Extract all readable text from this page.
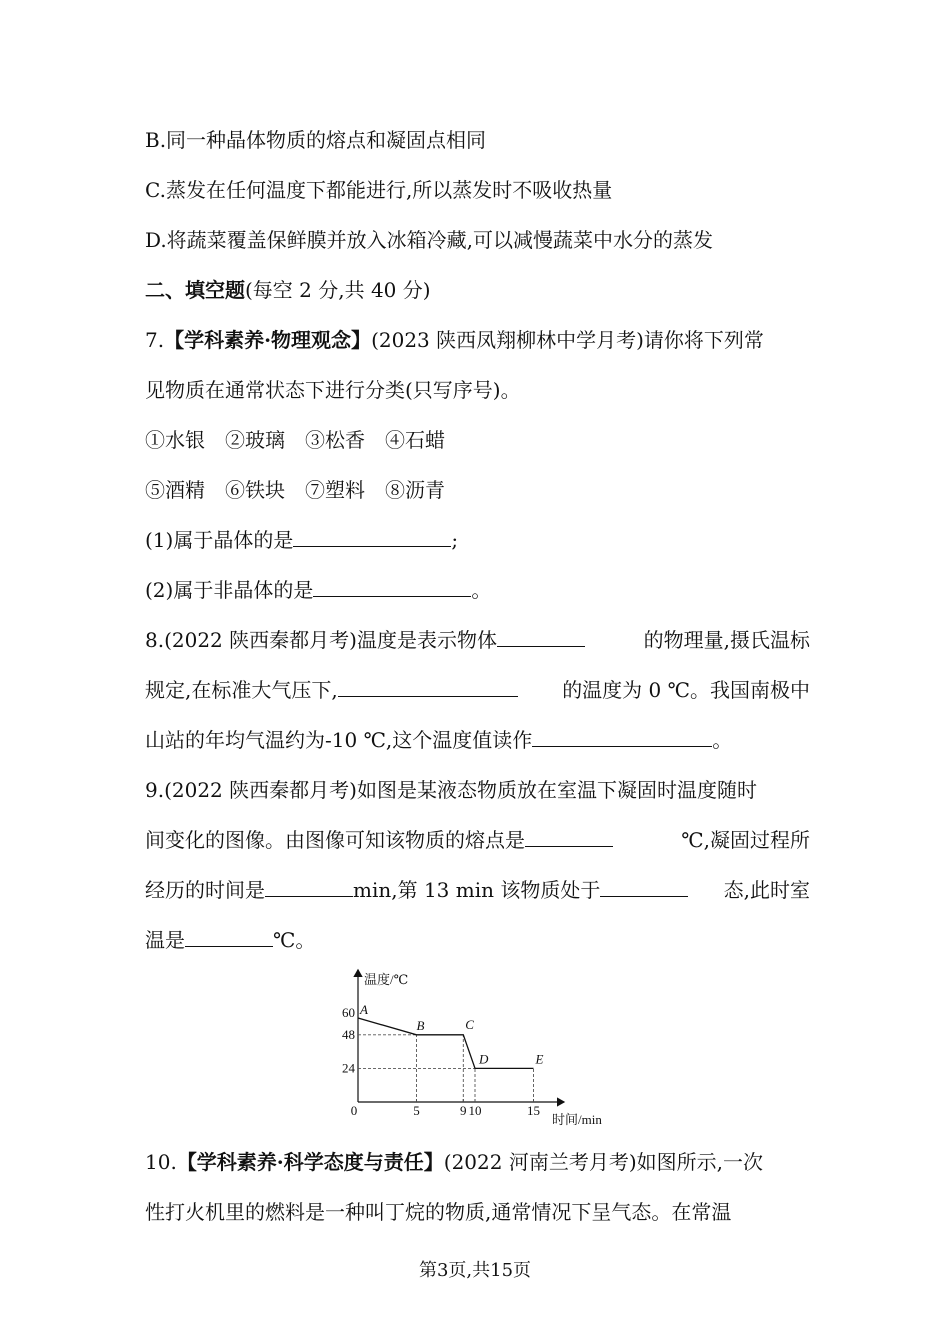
B.同一种晶体物质的熔点和凝固点相同
C.蒸发在任何温度下都能进行,所以蒸发时不吸收热量
D.将蔬菜覆盖保鲜膜并放入冰箱冷藏,可以减慢蔬菜中水分的蒸发
二、填空题(每空 2 分,共 40 分)
7.【学科素养·物理观念】(2023 陕西凤翔柳林中学月考)请你将下列常
见物质在通常状态下进行分类(只写序号)。
①水银 ②玻璃 ③松香 ④石蜡
⑤酒精 ⑥铁块 ⑦塑料 ⑧沥青
(1)属于晶体的是	;
(2)属于非晶体的是	。
8.(2022 陕西秦都月考)温度是表示物体	的物理量,摄氏温标
规定,在标准大气压下,	的温度为 0 ℃。我国南极中
山站的年均气温约为-10 ℃,这个温度值读作	。
9.(2022 陕西秦都月考)如图是某液态物质放在室温下凝固时温度随时
间变化的图像。由图像可知该物质的熔点是	℃,凝固过程所
经历的时间是	min,第 13 min 该物质处于	态,此时室
温是	℃。
温度/℃
时间/min
0	5	9 10	15
24
48
60 A
B	C
D	E
10.【学科素养·科学态度与责任】(2022 河南兰考月考)如图所示,一次
性打火机里的燃料是一种叫丁烷的物质,通常情况下呈气态。在常温
第3页,共15页
